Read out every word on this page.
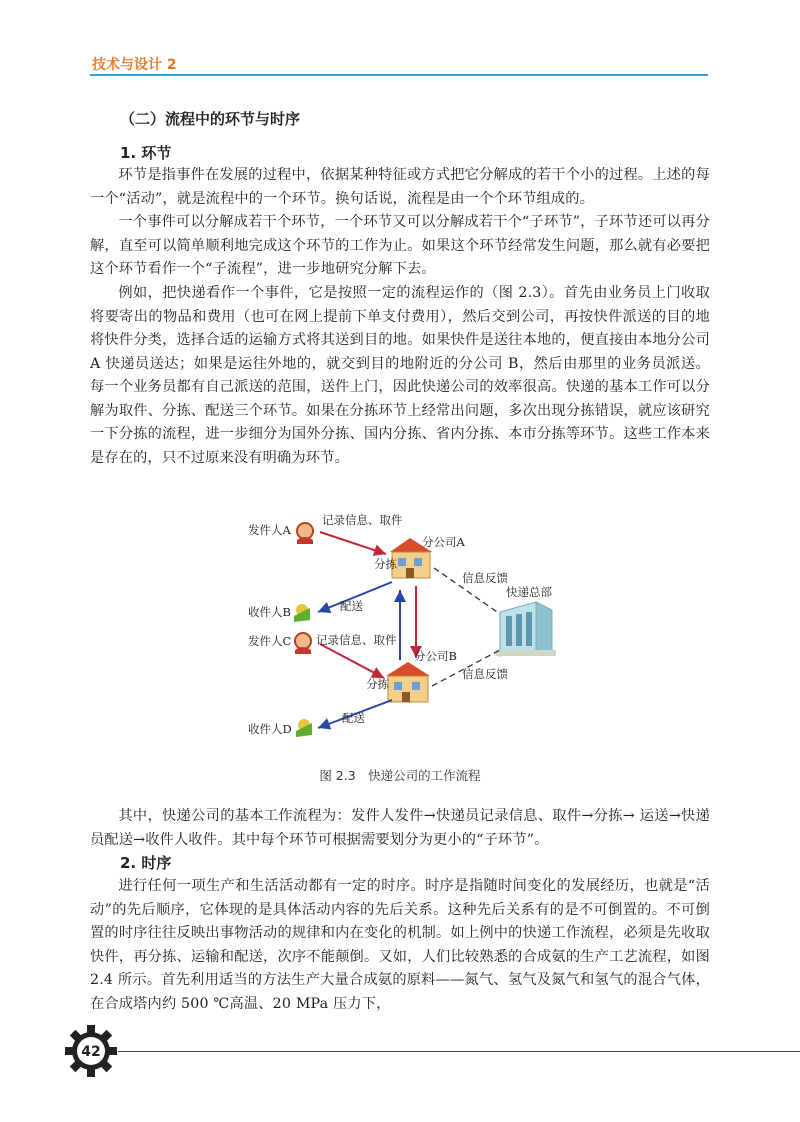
技术与设计 2
（二）流程中的环节与时序
1. 环节

环节是指事件在发展的过程中，依据某种特征或方式把它分解成的若干个小的过程。上述的每一个“活动”，就是流程中的一个环节。换句话说，流程是由一个个环节组成的。

一个事件可以分解成若干个环节，一个环节又可以分解成若干个“子环节”，子环节还可以再分解，直至可以简单顺利地完成这个环节的工作为止。如果这个环节经常发生问题，那么就有必要把这个环节看作一个“子流程”，进一步地研究分解下去。

例如，把快递看作一个事件，它是按照一定的流程运作的（图 2.3）。首先由业务员上门收取将要寄出的物品和费用（也可在网上提前下单支付费用），然后交到公司，再按快件派送的目的地将快件分类，选择合适的运输方式将其送到目的地。如果快件是送往本地的，便直接由本地分公司 A 快递员送达；如果是运往外地的，就交到目的地附近的分公司 B，然后由那里的业务员派送。每一个业务员都有自己派送的范围，送件上门，因此快递公司的效率很高。快递的基本工作可以分解为取件、分拣、配送三个环节。如果在分拣环节上经常出问题，多次出现分拣错误，就应该研究一下分拣的流程，进一步细分为国外分拣、国内分拣、省内分拣、本市分拣等环节。这些工作本来是存在的，只不过原来没有明确为环节。

发件人A
记录信息、取件
分公司A
分拣
信息反馈
快递总部
收件人B	配送
发件人C 记录信息、取件
分公司B
信息反馈
分拣
配送
收件人D
图 2.3　快递公司的工作流程

其中，快递公司的基本工作流程为：发件人发件→快递员记录信息、取件→分拣→ 运送→快递员配送→收件人收件。其中每个环节可根据需要划分为更小的“子环节”。

2. 时序

进行任何一项生产和生活活动都有一定的时序。时序是指随时间变化的发展经历，也就是“活动”的先后顺序，它体现的是具体活动内容的先后关系。这种先后关系有的是不可倒置的。不可倒置的时序往往反映出事物活动的规律和内在变化的机制。如上例中的快递工作流程，必须是先收取快件，再分拣、运输和配送，次序不能颠倒。又如，人们比较熟悉的合成氨的生产工艺流程，如图 2.4 所示。首先利用适当的方法生产大量合成氨的原料——氮气、氢气及氮气和氢气的混合气体，在合成塔内约 500 ℃高温、20 MPa 压力下，

42
